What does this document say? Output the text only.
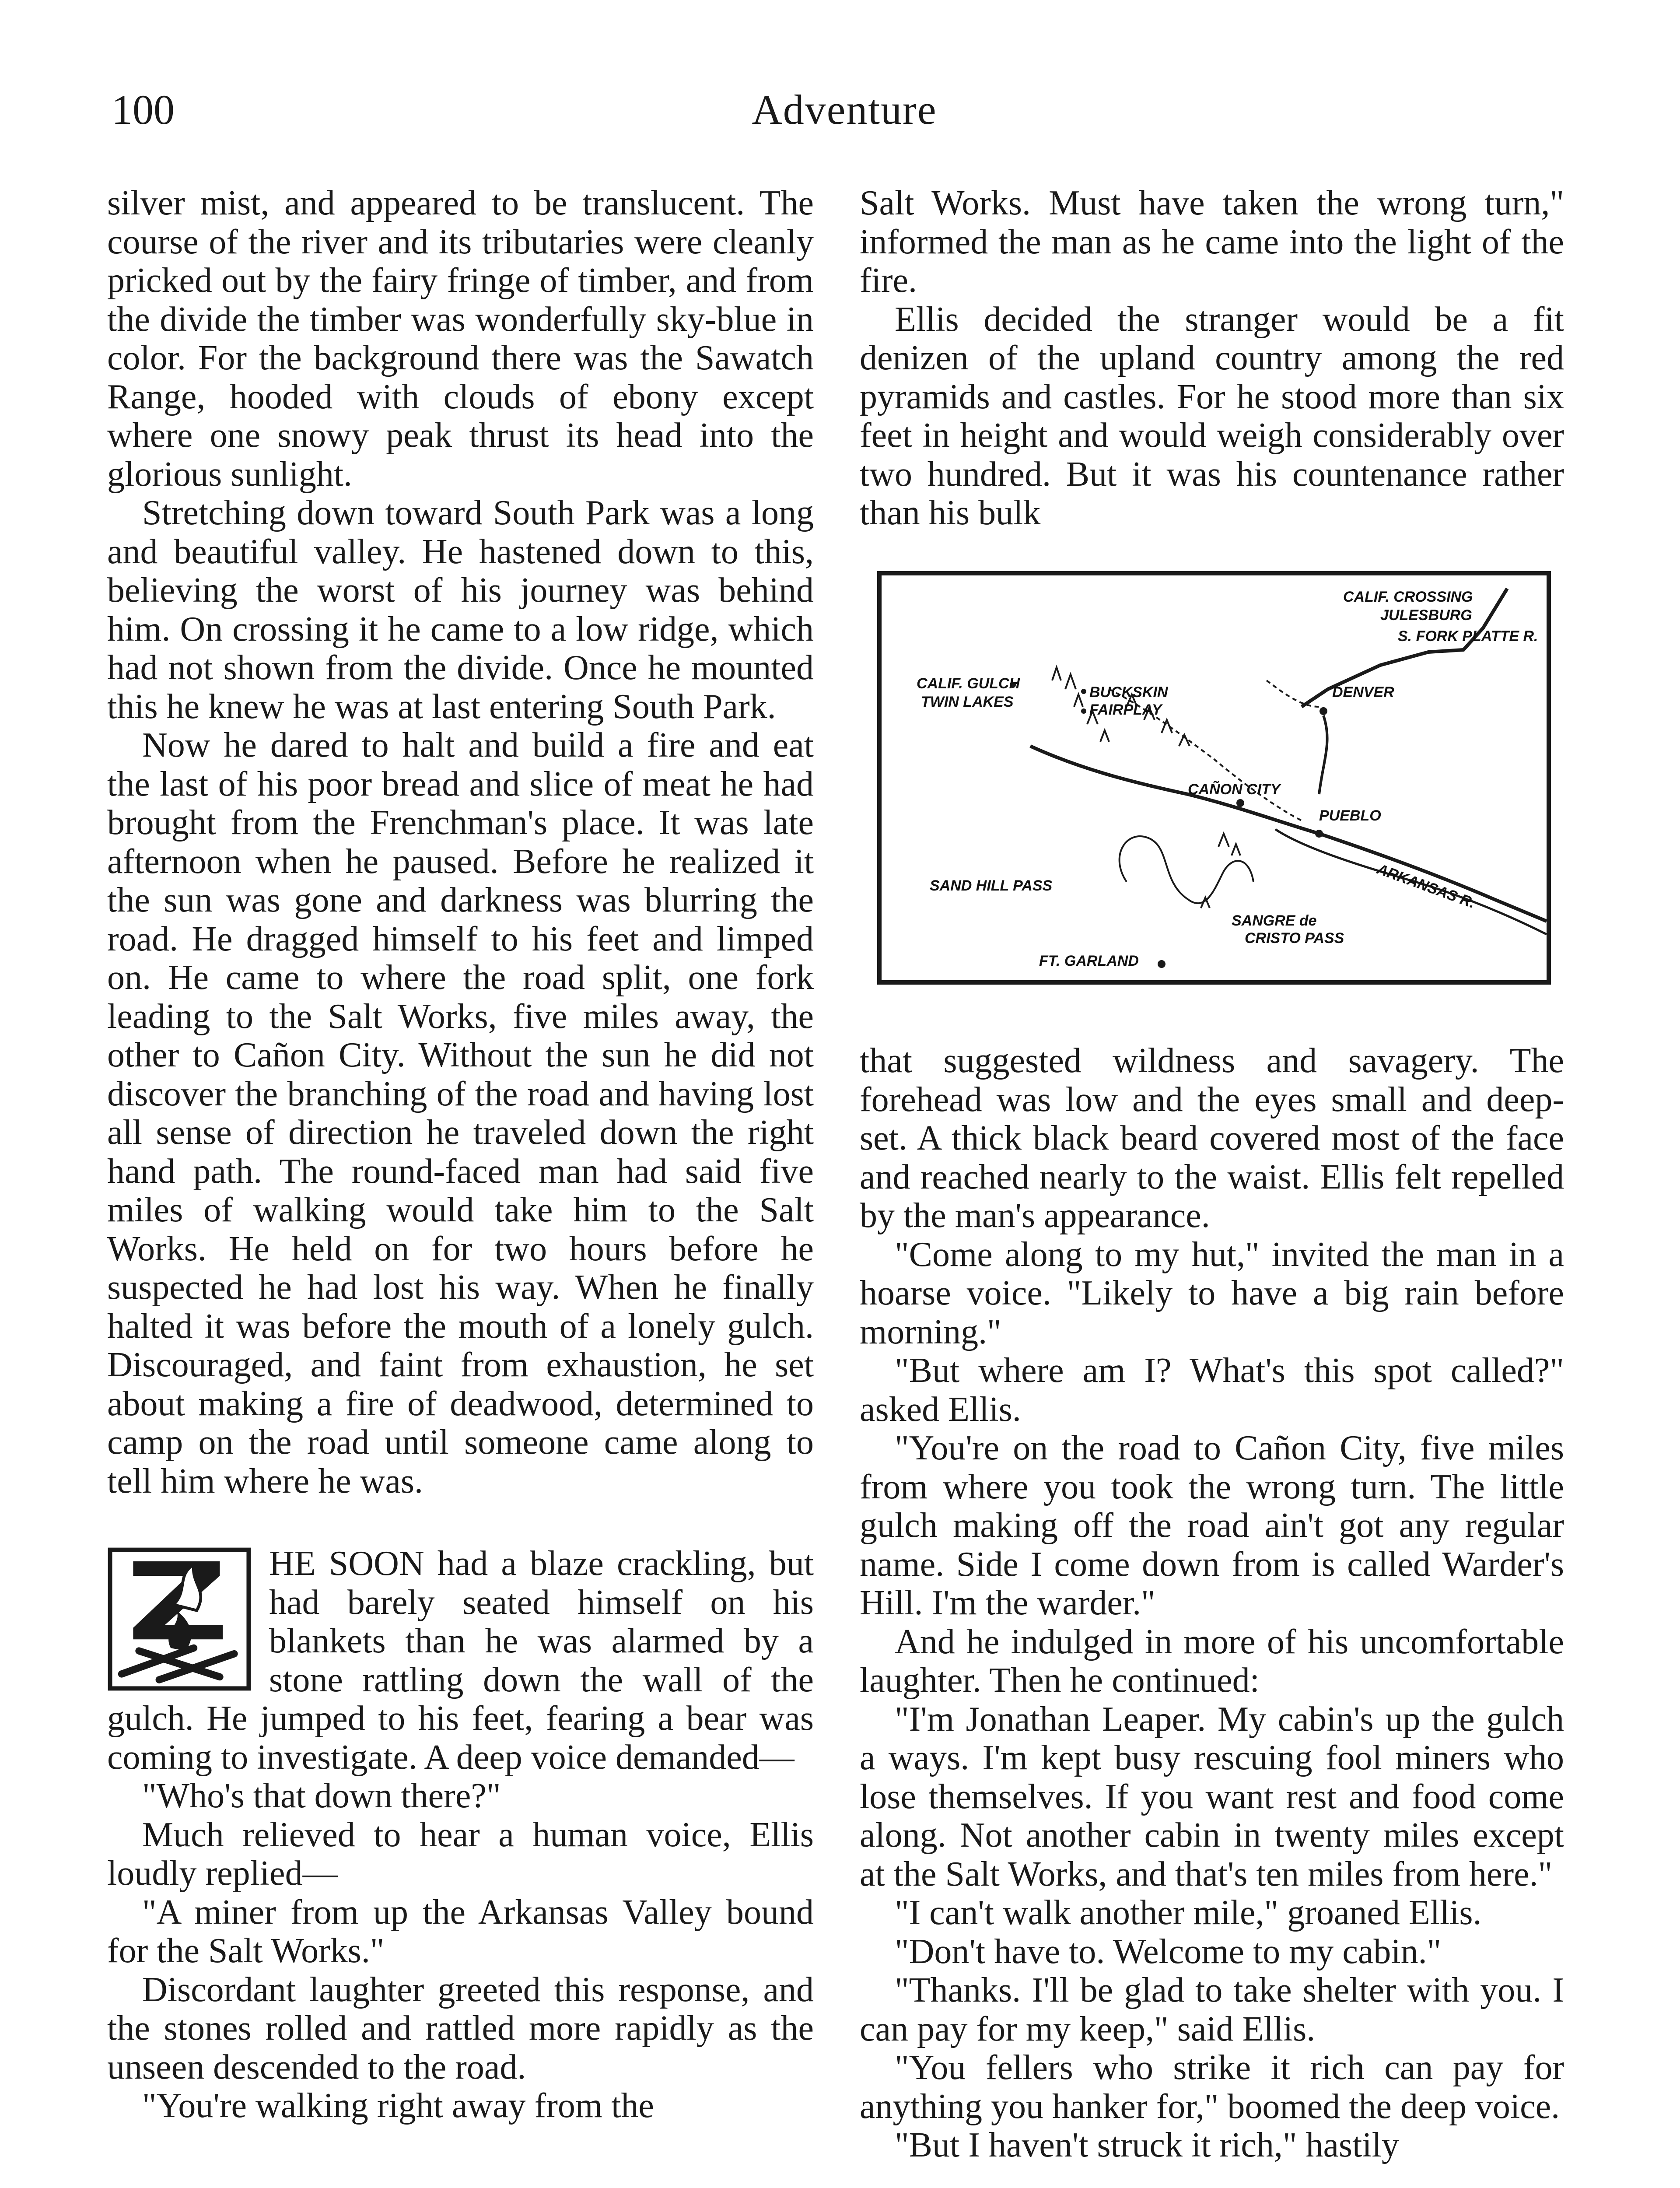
100	Adventure

silver mist, and appeared to be translucent. The course of the river and its tributaries were cleanly pricked out by the fairy fringe of timber, and from the divide the timber was wonderfully sky-blue in color. For the background there was the Sawatch Range, hooded with clouds of ebony except where one snowy peak thrust its head into the glorious sunlight.

Stretching down toward South Park was a long and beautiful valley. He hastened down to this, believing the worst of his journey was behind him. On crossing it he came to a low ridge, which had not shown from the divide. Once he mounted this he knew he was at last entering South Park.

Now he dared to halt and build a fire and eat the last of his poor bread and slice of meat he had brought from the Frenchman's place. It was late afternoon when he paused. Before he realized it the sun was gone and darkness was blurring the road. He dragged himself to his feet and limped on. He came to where the road split, one fork leading to the Salt Works, five miles away, the other to Cañon City. Without the sun he did not discover the branching of the road and having lost all sense of direction he traveled down the right hand path. The round-faced man had said five miles of walking would take him to the Salt Works. He held on for two hours before he suspected he had lost his way. When he finally halted it was before the mouth of a lonely gulch. Discouraged, and faint from exhaustion, he set about making a fire of deadwood, determined to camp on the road until someone came along to tell him where he was.

HE SOON had a blaze crackling, but had barely seated himself on his blankets than he was alarmed by a stone rattling down the wall of the gulch. He jumped to his feet, fearing a bear was coming to investigate. A deep voice demanded—

"Who's that down there?"

Much relieved to hear a human voice, Ellis loudly replied—

"A miner from up the Arkansas Valley bound for the Salt Works."

Discordant laughter greeted this response, and the stones rolled and rattled more rapidly as the unseen descended to the road.

"You're walking right away from the

Salt Works. Must have taken the wrong turn," informed the man as he came into the light of the fire.

Ellis decided the stranger would be a fit denizen of the upland country among the red pyramids and castles. For he stood more than six feet in height and would weigh considerably over two hundred. But it was his countenance rather than his bulk

CALIF. CROSSING
JULESBURG
S. FORK PLATTE R.
CALIF. GULCH
TWIN LAKES
BUCKSKIN
FAIRPLAY
DENVER
CAÑON CITY
PUEBLO
ARKANSAS R.
SAND HILL PASS
SANGRE de
CRISTO PASS
FT. GARLAND

that suggested wildness and savagery. The forehead was low and the eyes small and deep-set. A thick black beard covered most of the face and reached nearly to the waist. Ellis felt repelled by the man's appearance.

"Come along to my hut," invited the man in a hoarse voice. "Likely to have a big rain before morning."

"But where am I? What's this spot called?" asked Ellis.

"You're on the road to Cañon City, five miles from where you took the wrong turn. The little gulch making off the road ain't got any regular name. Side I come down from is called Warder's Hill. I'm the warder."

And he indulged in more of his uncomfortable laughter. Then he continued:

"I'm Jonathan Leaper. My cabin's up the gulch a ways. I'm kept busy rescuing fool miners who lose themselves. If you want rest and food come along. Not another cabin in twenty miles except at the Salt Works, and that's ten miles from here."

"I can't walk another mile," groaned Ellis.

"Don't have to. Welcome to my cabin."

"Thanks. I'll be glad to take shelter with you. I can pay for my keep," said Ellis.

"You fellers who strike it rich can pay for anything you hanker for," boomed the deep voice.

"But I haven't struck it rich," hastily
